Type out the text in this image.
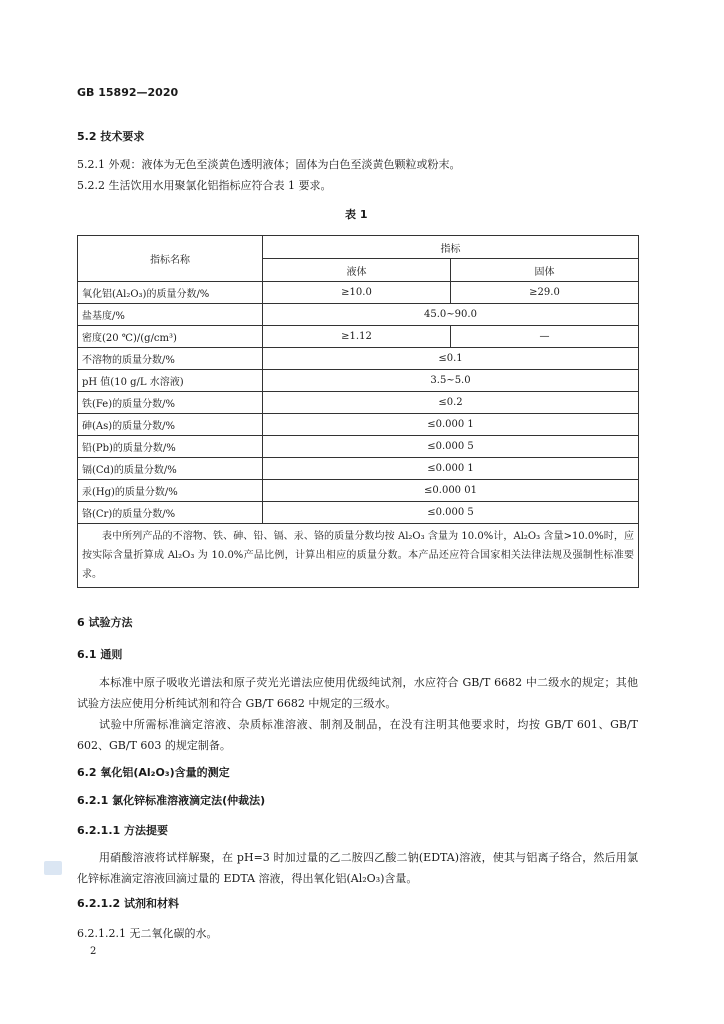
GB 15892—2020
5.2 技术要求
5.2.1 外观：液体为无色至淡黄色透明液体；固体为白色至淡黄色颗粒或粉末。
5.2.2 生活饮用水用聚氯化铝指标应符合表 1 要求。
表 1
指标名称	指标	
	液体	固体
氧化铝(Al₂O₃)的质量分数/%	≥10.0	≥29.0
盐基度/%	45.0~90.0	
密度(20 ℃)/(g/cm³)	≥1.12	—
不溶物的质量分数/%	≤0.1	
pH 值(10 g/L 水溶液)	3.5~5.0	
铁(Fe)的质量分数/%	≤0.2	
砷(As)的质量分数/%	≤0.000 1	
铅(Pb)的质量分数/%	≤0.000 5	
镉(Cd)的质量分数/%	≤0.000 1	
汞(Hg)的质量分数/%	≤0.000 01	
铬(Cr)的质量分数/%	≤0.000 5	
表中所列产品的不溶物、铁、砷、铅、镉、汞、铬的质量分数均按 Al₂O₃ 含量为 10.0%计，Al₂O₃ 含量>10.0%时，应按实际含量折算成 Al₂O₃ 为 10.0%产品比例，计算出相应的质量分数。本产品还应符合国家相关法律法规及强制性标准要求。		
6 试验方法
6.1 通则

本标准中原子吸收光谱法和原子荧光光谱法应使用优级纯试剂，水应符合 GB/T 6682 中二级水的规定；其他试验方法应使用分析纯试剂和符合 GB/T 6682 中规定的三级水。

试验中所需标准滴定溶液、杂质标准溶液、制剂及制品，在没有注明其他要求时，均按 GB/T 601、GB/T 602、GB/T 603 的规定制备。

6.2 氧化铝(Al₂O₃)含量的测定
6.2.1 氯化锌标准溶液滴定法(仲裁法)
6.2.1.1 方法提要

用硝酸溶液将试样解聚，在 pH=3 时加过量的乙二胺四乙酸二钠(EDTA)溶液，使其与铝离子络合，然后用氯化锌标准滴定溶液回滴过量的 EDTA 溶液，得出氧化铝(Al₂O₃)含量。

6.2.1.2 试剂和材料
6.2.1.2.1 无二氧化碳的水。
2
